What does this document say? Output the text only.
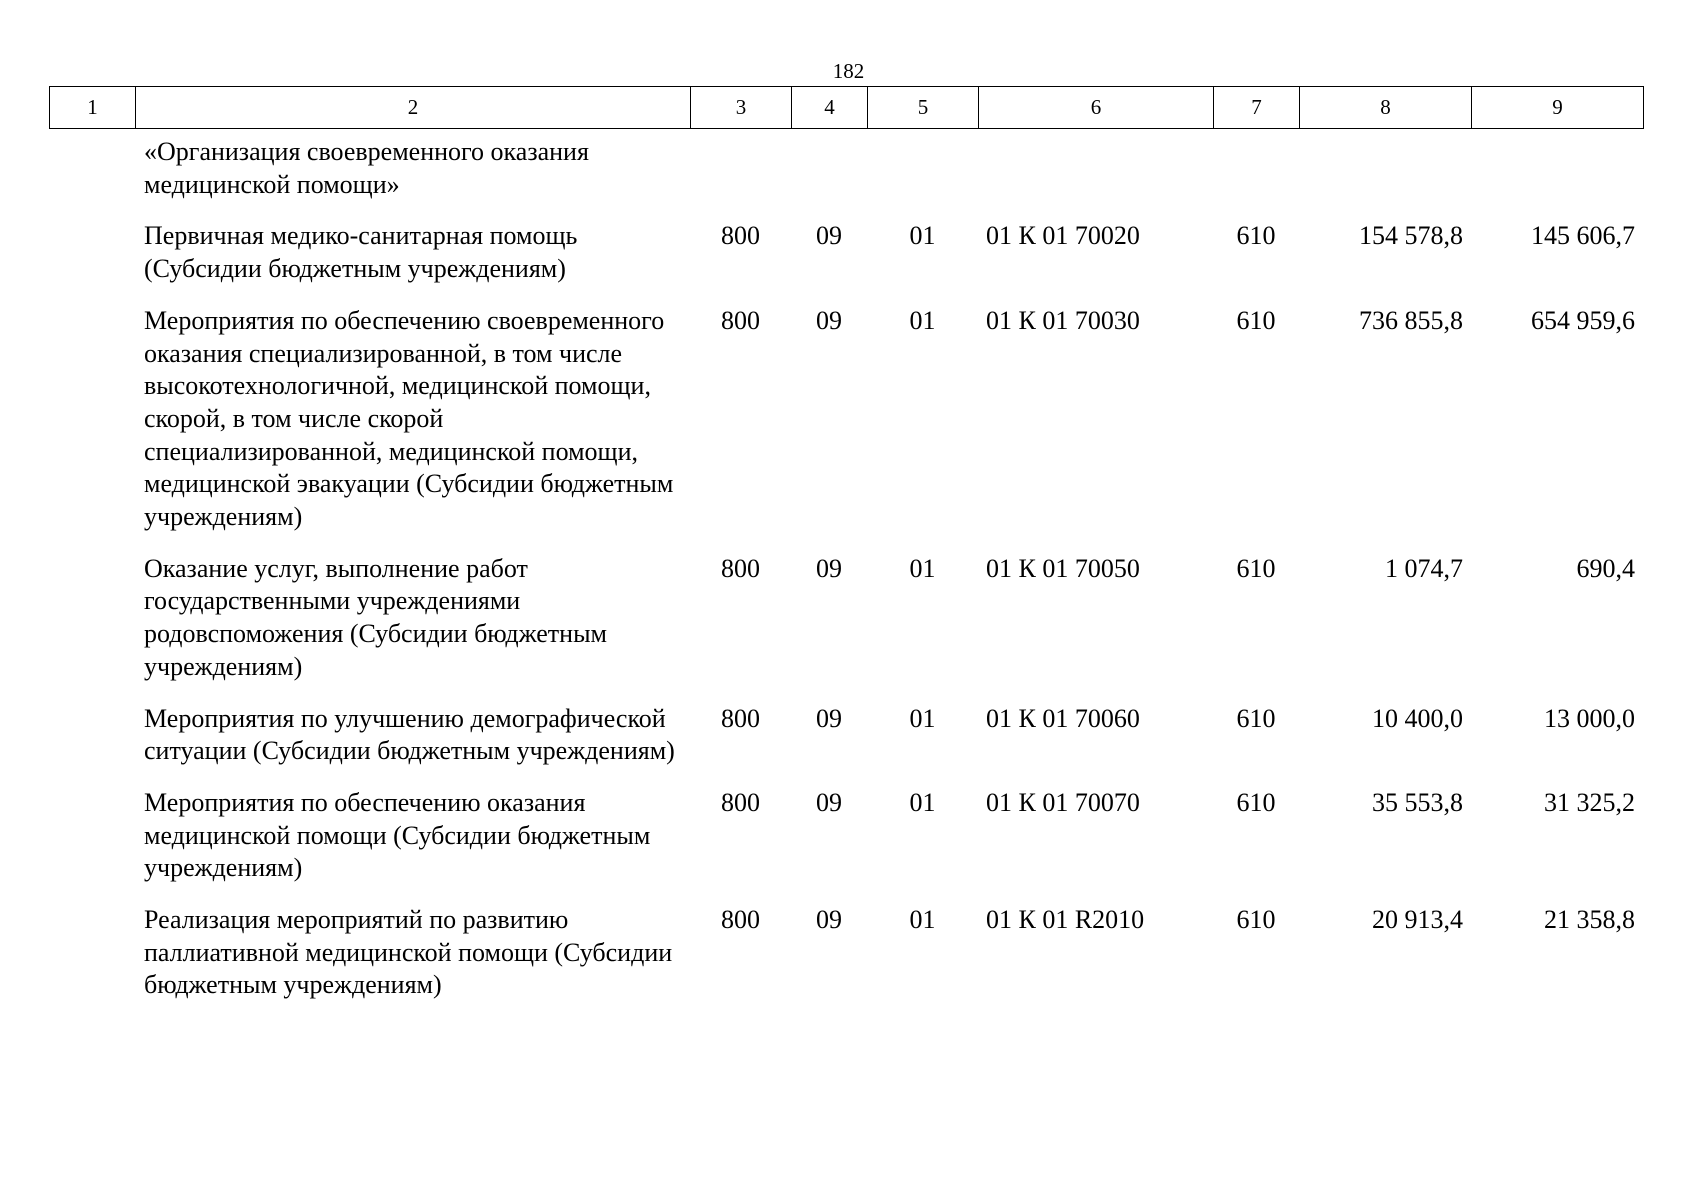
182
1	2	3	4	5	6	7	8	9
«Организация своевременного оказания медицинской помощи»							
Первичная медико-санитарная помощь (Субсидии бюджетным учреждениям)	800	09	01	01 К 01 70020	610	154 578,8	145 606,7
Мероприятия по обеспечению своевременного оказания специализированной, в том числе высокотехнологичной, медицинской помощи, скорой, в том числе скорой специализированной, медицинской помощи, медицинской эвакуации (Субсидии бюджетным учреждениям)	800	09	01	01 К 01 70030	610	736 855,8	654 959,6
Оказание услуг, выполнение работ государственными учреждениями родовспоможения (Субсидии бюджетным учреждениям)	800	09	01	01 К 01 70050	610	1 074,7	690,4
Мероприятия по улучшению демографической ситуации (Субсидии бюджетным учреждениям)	800	09	01	01 К 01 70060	610	10 400,0	13 000,0
Мероприятия по обеспечению оказания медицинской помощи (Субсидии бюджетным учреждениям)	800	09	01	01 К 01 70070	610	35 553,8	31 325,2
Реализация мероприятий по развитию паллиативной медицинской помощи (Субсидии бюджетным учреждениям)	800	09	01	01 К 01 R2010	610	20 913,4	21 358,8
